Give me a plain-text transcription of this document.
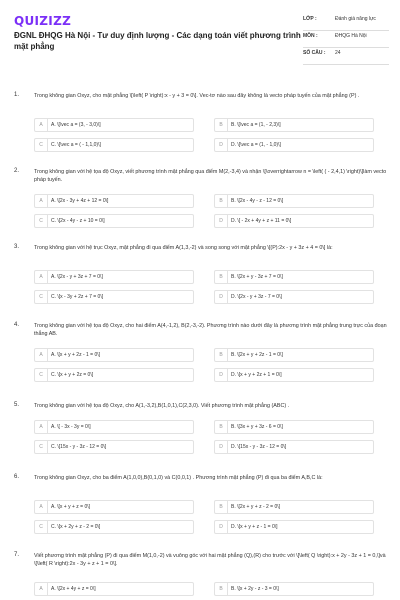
QUIZIZZ
ĐGNL ĐHQG Hà Nội - Tư duy định lượng - Các dạng toán viết phương trình mặt phẳng
LỚP :	Đánh giá năng lực
MÔN :	ĐHQG Hà Nội
SỐ CÂU :	24
1.	Trong không gian Oxyz, cho mặt phẳng \[\left( P \right):x - y + 3 = 0\]. Vec-tơ nào sau đây không là vecto pháp tuyến của mặt phẳng (P) .
A	A. \[\vec a = (3, - 3,0)\]	B	B. \[\vec a = (1, - 2,3)\]
C	C. \[\vec a = ( - 1,1,0)\]	D	D. \[\vec a = (1, - 1,0)\]
2.	Trong không gian với hệ tọa độ Oxyz, viết phương trình mặt phẳng qua điểm M(2,-3,4) và nhận \[\overrightarrow n = \left( ( - 2,4,1) \right)\]làm vecto pháp tuyến.
A	A. \[2x - 3y + 4z + 12 = 0\]	B	B. \[2x - 4y - z - 12 = 0\]
C	C. \[2x - 4y - z + 10 = 0\]	D	D. \[ - 2x + 4y + z + 11 = 0\]
3.	Trong không gian với hệ trục Oxyz, mặt phẳng đi qua điểm A(1,3,-2) và song song với mặt phẳng \[(P):2x - y + 3z + 4 = 0\] là:
A	A. \[2x - y + 3z + 7 = 0\]	B	B. \[2x + y - 3z + 7 = 0\]
C	C. \[x - 3y + 2z + 7 = 0\]	D	D. \[2x - y + 3z - 7 = 0\]
4.	Trong không gian với hệ tọa độ Oxyz, cho hai điểm A(4,-1,2), B(2,-3,-2). Phương trình nào dưới đây là phương trình mặt phẳng trung trực của đoạn thẳng AB.
A	A. \[x + y + 2z - 1 = 0\]	B	B. \[2x + y + 2z - 1 = 0\]
C	C. \[x + y + 2z = 0\]	D	D. \[x + y + 2z + 1 = 0\]
5.	Trong không gian với hệ tọa độ Oxyz, cho A(1,-3,2),B(1,0,1),C(2,3,0). Viết phương trình mặt phẳng (ABC) .
A	A. \[ - 3x - 3y = 0\]	B	B. \[3x + y + 3z - 6 = 0\]
C	C. \[15x - y - 3z - 12 = 0\]	D	D. \[15x - y - 3z - 12 = 0\]
6.	Trong không gian Oxyz, cho ba điểm A(1,0,0),B(0,1,0) và C(0,0,1) . Phương trình mặt phẳng (P) đi qua ba điểm A,B,C là:
A	A. \[x + y + z = 0\]	B	B. \[2x + y + z - 2 = 0\]
C	C. \[x + 2y + z - 2 = 0\]	D	D. \[x + y + z - 1 = 0\]
7.	Viết phương trình mặt phẳng (P) đi qua điểm M(1,0,-2) và vuông góc với hai mặt phẳng (Q),(R) cho trước với \[\left( Q \right):x + 2y - 3z + 1 = 0,\]và \[\left( R \right):2x - 3y + z + 1 = 0\].
A	A. \[2x + 4y + z = 0\]	B	B. \[x + 2y - z - 3 = 0\]
